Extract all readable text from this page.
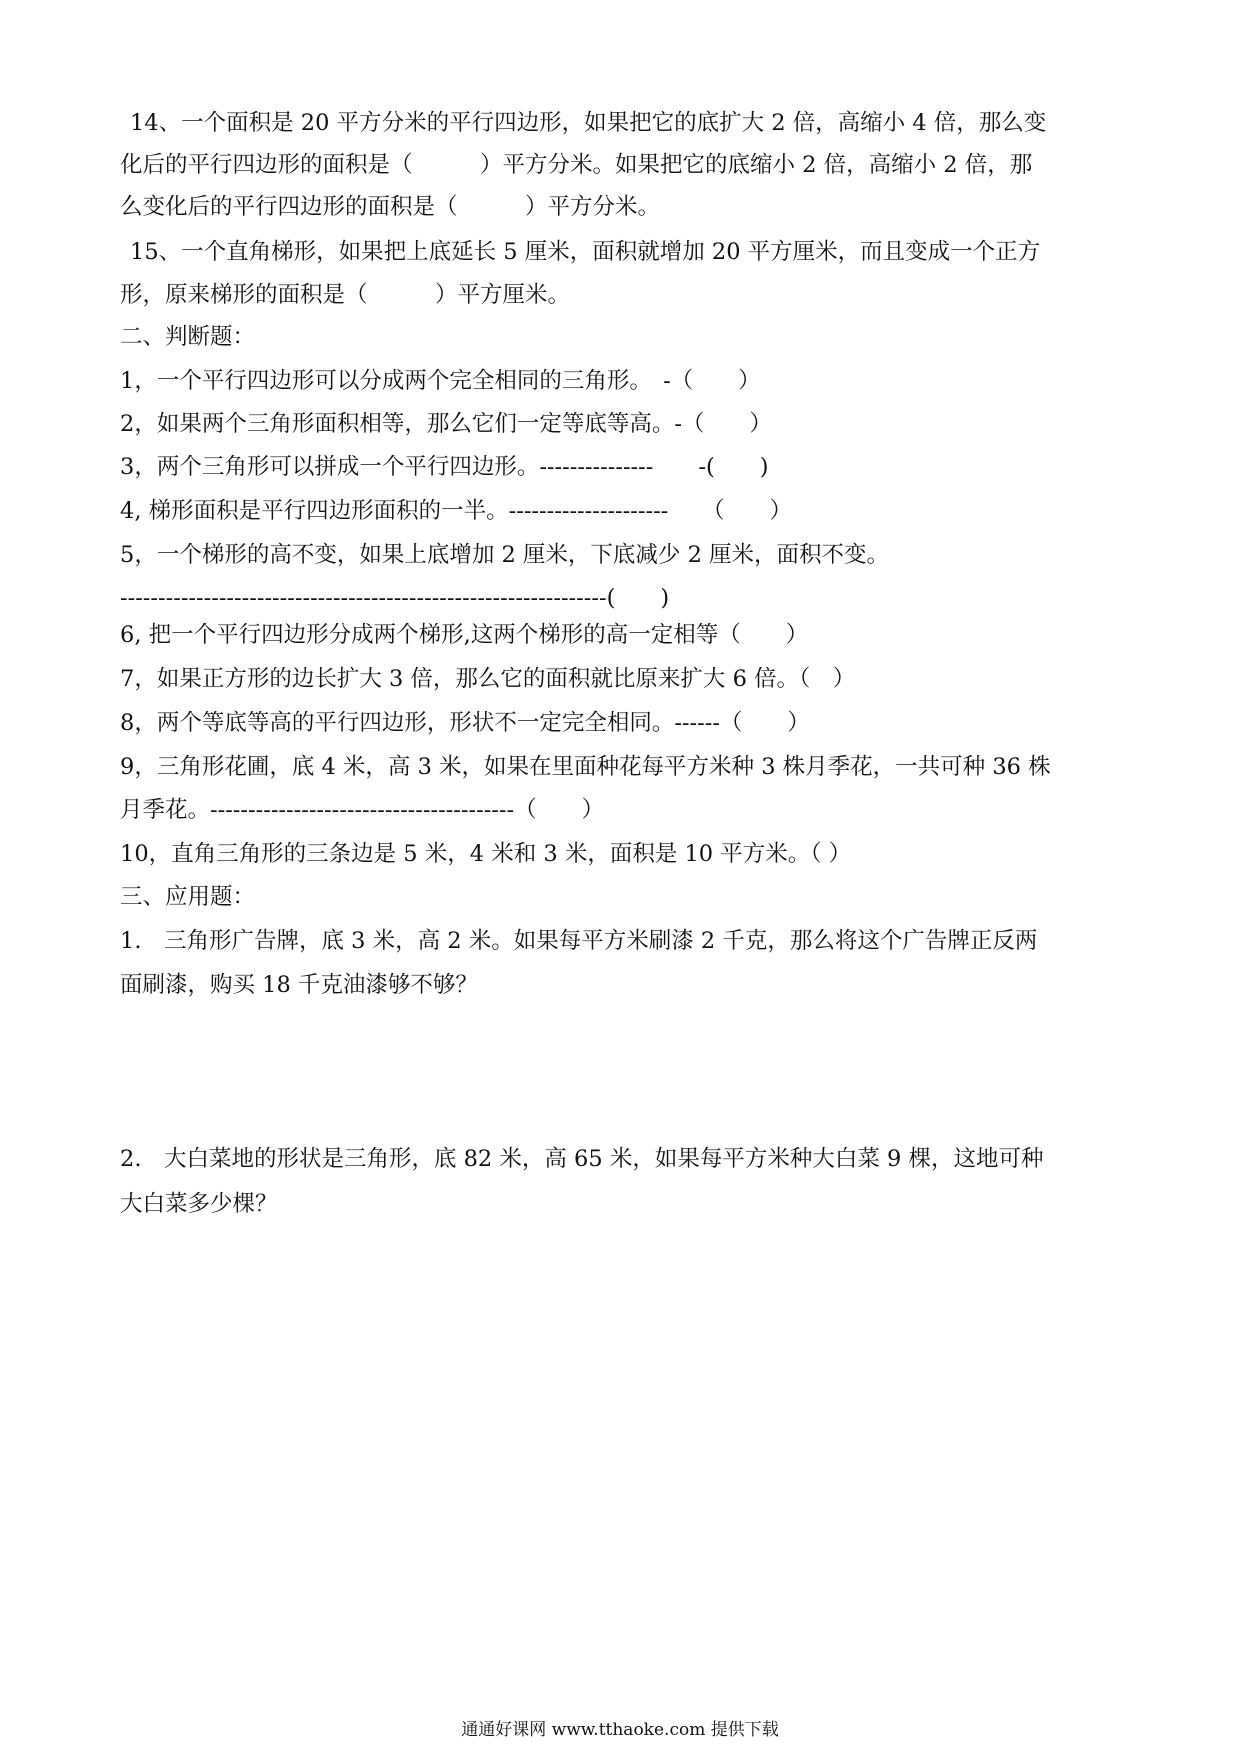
14、一个面积是 20 平方分米的平行四边形，如果把它的底扩大 2 倍，高缩小 4 倍，那么变
化后的平行四边形的面积是（　　　）平方分米。如果把它的底缩小 2 倍，高缩小 2 倍，那
么变化后的平行四边形的面积是（　　　）平方分米。
15、一个直角梯形，如果把上底延长 5 厘米，面积就增加 20 平方厘米，而且变成一个正方
形，原来梯形的面积是（　　　）平方厘米。
二、判断题：
1，一个平行四边形可以分成两个完全相同的三角形。　-（　　）
2，如果两个三角形面积相等，那么它们一定等底等高。-（　　）
3，两个三角形可以拼成一个平行四边形。---------------　　-(　　)
4, 梯形面积是平行四边形面积的一半。---------------------　　（　　）
5，一个梯形的高不变，如果上底增加 2 厘米，下底减少 2 厘米，面积不变。
----------------------------------------------------------------(　　)
6, 把一个平行四边形分成两个梯形,这两个梯形的高一定相等（　　）
7，如果正方形的边长扩大 3 倍，那么它的面积就比原来扩大 6 倍。（　）
8，两个等底等高的平行四边形，形状不一定完全相同。------（　　）
9，三角形花圃，底 4 米，高 3 米，如果在里面种花每平方米种 3 株月季花，一共可种 36 株
月季花。----------------------------------------（　　）
10，直角三角形的三条边是 5 米，4 米和 3 米，面积是 10 平方米。（ ）
三、应用题：
1.　三角形广告牌，底 3 米，高 2 米。如果每平方米刷漆 2 千克，那么将这个广告牌正反两
面刷漆，购买 18 千克油漆够不够？
2.　大白菜地的形状是三角形，底 82 米，高 65 米，如果每平方米种大白菜 9 棵，这地可种
大白菜多少棵？
通通好课网 www.tthaoke.com 提供下载
